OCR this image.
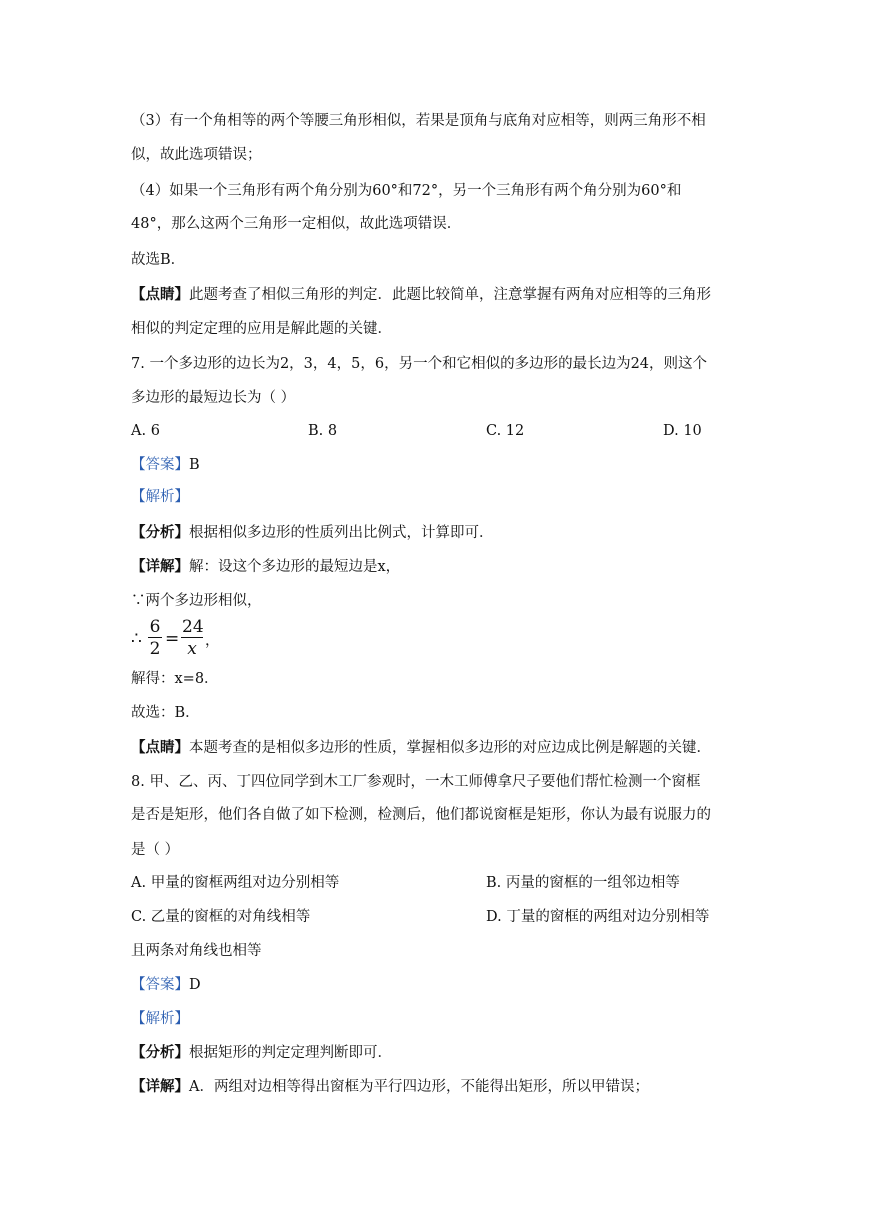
（3）有一个角相等的两个等腰三角形相似，若果是顶角与底角对应相等，则两三角形不相
似，故此选项错误；
（4）如果一个三角形有两个角分别为60°和72°，另一个三角形有两个角分别为60°和
48°，那么这两个三角形一定相似，故此选项错误．
故选B．
【点睛】此题考查了相似三角形的判定．此题比较简单，注意掌握有两角对应相等的三角形
相似的判定定理的应用是解此题的关键．
7. 一个多边形的边长为2，3，4，5，6，另一个和它相似的多边形的最长边为24，则这个
多边形的最短边长为（ ）
A. 6	B. 8	C. 12	D. 10
【答案】B
【解析】
【分析】根据相似多边形的性质列出比例式，计算即可．
【详解】解：设这个多边形的最短边是x，
∵两个多边形相似，
∴ $\frac{6}{2} = \frac{24}{x}$ ，
解得：x=8．
故选：B．
【点睛】本题考查的是相似多边形的性质，掌握相似多边形的对应边成比例是解题的关键．
8. 甲、乙、丙、丁四位同学到木工厂参观时，一木工师傅拿尺子要他们帮忙检测一个窗框
是否是矩形，他们各自做了如下检测，检测后，他们都说窗框是矩形，你认为最有说服力的
是（ ）
A. 甲量的窗框两组对边分别相等	B. 丙量的窗框的一组邻边相等
C. 乙量的窗框的对角线相等	D. 丁量的窗框的两组对边分别相等
且两条对角线也相等
【答案】D
【解析】
【分析】根据矩形的判定定理判断即可．
【详解】A．两组对边相等得出窗框为平行四边形，不能得出矩形，所以甲错误；
